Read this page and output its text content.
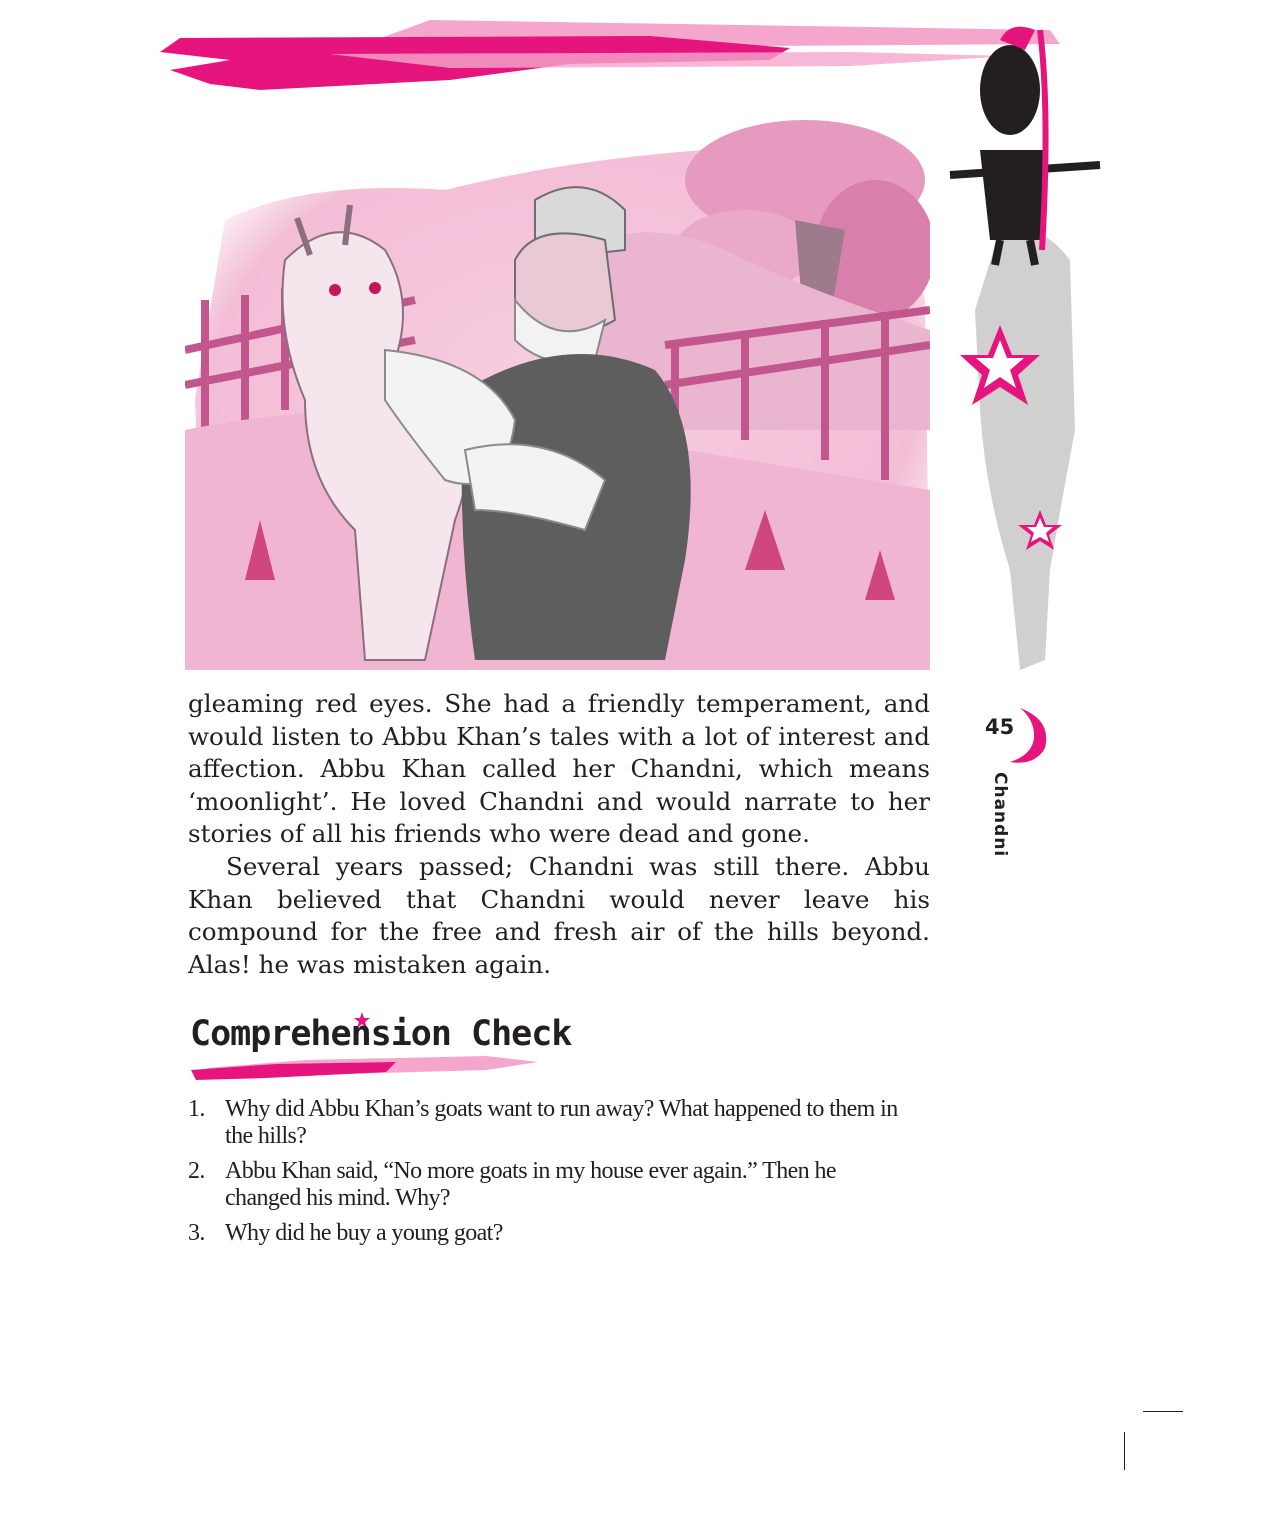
45
Chandni

gleaming red eyes. She had a friendly temperament, and would listen to Abbu Khan’s tales with a lot of interest and affection. Abbu Khan called her Chandni, which means ‘moonlight’. He loved Chandni and would narrate to her stories of all his friends who were dead and gone.

Several years passed; Chandni was still there. Abbu Khan believed that Chandni would never leave his compound for the free and fresh air of the hills beyond. Alas! he was mistaken again.

Comprehension Check
1. Why did Abbu Khan’s goats want to run away? What happened to them in the hills?
2. Abbu Khan said, “No more goats in my house ever again.” Then he changed his mind. Why?
3. Why did he buy a young goat?
